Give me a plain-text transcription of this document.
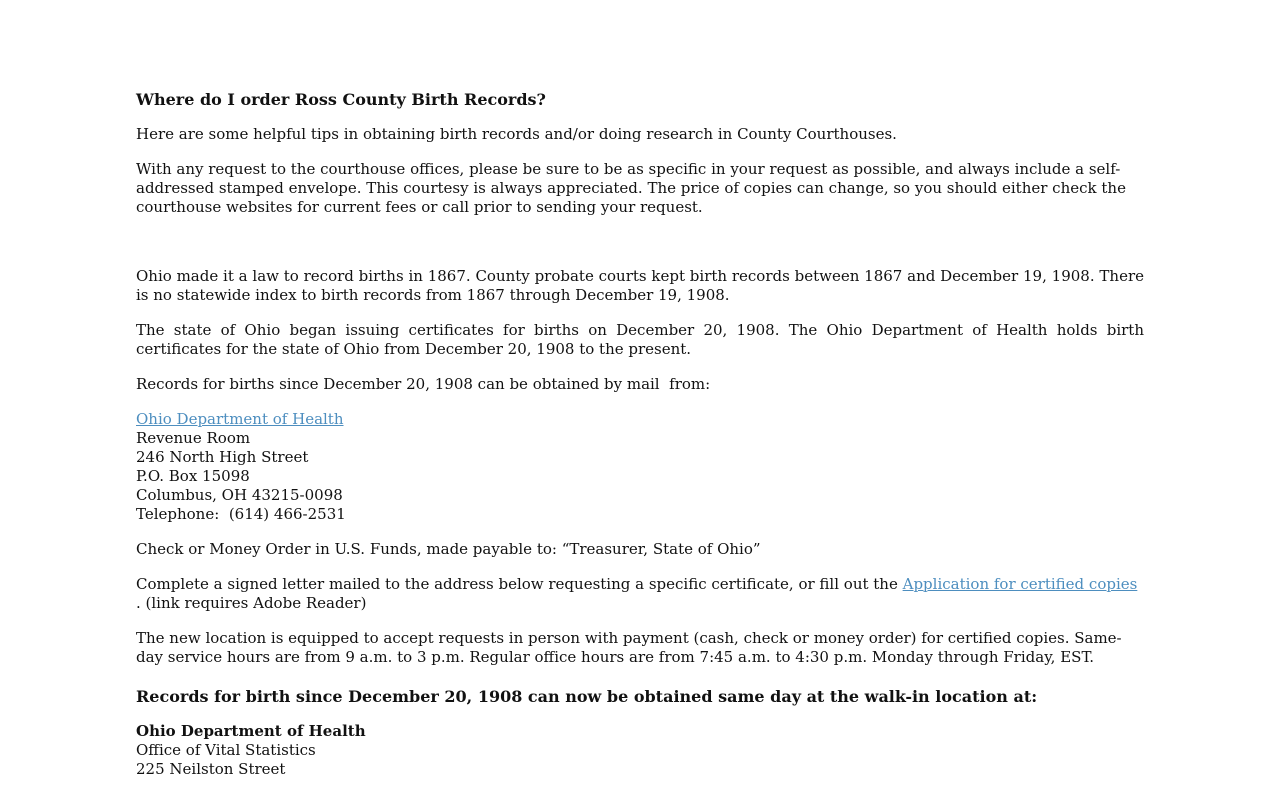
Where do I order Ross County Birth Records?

Here are some helpful tips in obtaining birth records and/or doing research in County Courthouses.

With any request to the courthouse offices, please be sure to be as specific in your request as possible, and always include a self-addressed stamped envelope. This courtesy is always appreciated. The price of copies can change, so you should either check the courthouse websites for current fees or call prior to sending your request.

Ohio made it a law to record births in 1867. County probate courts kept birth records between 1867 and December 19, 1908. There is no statewide index to birth records from 1867 through December 19, 1908.

The state of Ohio began issuing certificates for births on December 20, 1908. The Ohio Department of Health holds birth certificates for the state of Ohio from December 20, 1908 to the present.

Records for births since December 20, 1908 can be obtained by mail  from:

Ohio Department of Health
Revenue Room
246 North High Street
P.O. Box 15098
Columbus, OH 43215-0098
Telephone:  (614) 466-2531

Check or Money Order in U.S. Funds, made payable to: “Treasurer, State of Ohio”

Complete a signed letter mailed to the address below requesting a specific certificate, or fill out the Application for certified copies . (link requires Adobe Reader)

The new location is equipped to accept requests in person with payment (cash, check or money order) for certified copies. Same-day service hours are from 9 a.m. to 3 p.m. Regular office hours are from 7:45 a.m. to 4:30 p.m. Monday through Friday, EST.

Records for birth since December 20, 1908 can now be obtained same day at the walk-in location at:

Ohio Department of Health
Office of Vital Statistics
225 Neilston Street
